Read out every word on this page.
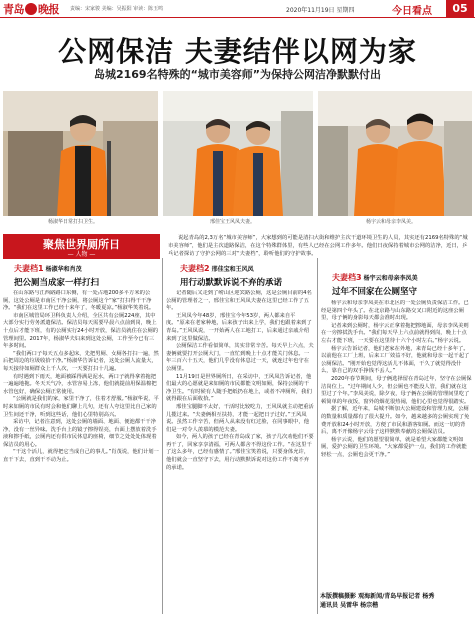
青岛 晚报 责编：宋家骏 美编：吴振阳 审读：陈玉鸣	2020年11月19日 星期四	今日看点	05
公网保洁 夫妻结伴以网为家
岛城2169名特殊的“城市美容师”为保持公网洁净默默付出
杨淑华日常打扫卫生。	邢佳宝王风凤夫妻。	杨宇云和母亲李凤美。
说起青岛的2,3万名“城市美容师”，大家想到的可能是清扫大街和维护主次干道环境卫生的人员，其实还有2169名特殊的“城市美容师”，他们是主次道路保洁，在这个特殊群体里，有些人已经在公网工作多年。他们日夜保持着城市公网的洁净，近日，乒乓记者探访了守护公网的三对“夫妻档”，聆听他们的守护故事。
聚焦世界厕所日
— 人物 —
夫妻档1 杨淑华和肖茂
把公厕当成家一样打扫

在山东路与江西路路口东侧，有一处占地200多平方米的公厕，这处公厕是市南区干净公厕，将公厕这个“家”打扫得干干净净。“我们在这里工作已经十来年了，冬暖夏凉。”杨淑华笑着说。

市南区城管局环卫科负责人介绍，全区共有公厕224座，其中大部分实行劳务派遣保洁。保洁员每天需要早晨六点前到岗，晚上十点后才能下班，有的公厕实行24小时开放，保洁员就住在公厕的管理间里。2017年，杨淑华夫妇来到这处公厕，工作至今已有三年多时间。

“我们两口子每天五点多起床，先把男厕、女厕各打扫一遍，然后把周边的垃圾收拾干净。”杨淑华告诉记者，这处公厕人流量大，每天接待如厕群众上千人次，一天要打扫十几遍。

有时遇到下雨天，地面被踩得满是泥水，两口子就得拿着拖把一遍遍地拖。冬天天气冷，水管容易上冻，他们就提前用保温棉把水管包好，确保公厕正常使用。

“公厕就是我们的家，家里干净了，住着才舒服。”杨淑华说，平时来如厕的市民有时会和他们聊上几句，还有人夸这里比自己家的卫生间还干净，听到这些话，他们心里特别高兴。

采访中，记者注意到，这处公厕的墙面、地面、便池都干干净净，没有一丝异味。洗手台上的镜子擦得锃亮，台面上摆放着洗手液和擦手纸，公厕内还有供市民休息的座椅，细节之处处处体现着保洁员的用心。

“干这个活儿，就得把它当成自己的事儿。”肖茂说，他们计划一直干下去，直到干不动为止。

夫妻档2 邢佳宝和王风凤
用行动默默诉说不弃的承诺

记者随后又走到了崂山区迎宾路公厕，这是公厕目前的4名公厕的管理者之一，邢佳宝和王风凤夫妻在这里已经工作了五年。

王风凤今年48岁，邢佳宝今年53岁，两人都来自平度。“原来在老家种地，后来孩子出来上学，我们也跟着来到了青岛。”王风凤说，一开始两人在工地打工，后来通过亲戚介绍来到了这里做保洁。

公厕保洁工作看似简单，其实非常辛苦。每天早上六点，夫妻俩就要打开公厕大门，一直忙到晚上十点才能关门休息。一年三百六十五天，他们几乎没有休息过一天，就连过年也守在公厕里。

11月19日是世界厕所日，在采访中，王风凤告诉记者，他们最大的心愿就是来如厕的市民都能文明如厕，保持公厕的干净卫生。“有时候有人随手把纸扔在地上，或者不冲厕所，我们就得跟在后面收拾。”

邢佳宝腿脚不太好，干活时比较吃力，王风凤就主动把重活儿揽过来。“夫妻俩相互扶持，才能一起把日子过好。”王风凤说。虽然工作辛苦，但两人从来没有红过脸，在同事眼中，他们是一对令人羡慕的模范夫妻。

如今，两人的孩子已经在青岛成了家，孩子几次劝他们不要再干了，回家享享清福，可两人都舍不得这份工作。“在这里干了这么多年，已经有感情了。”邢佳宝笑着说，只要身体允许，他们就会一直坚守下去，用行动默默诉说对这份工作不离不弃的承诺。

夫妻档3 杨宇云和母亲李凤美
过年不回家在公厕坚守

杨宇云和母亲李凤美在市北区的一处公厕负责保洁工作。已经是第四个年头了。在北京路与山东路交叉口附近的这座公厕里，母子俩的身影每天都会准时出现。

记者来到公厕时，杨宇云正拿着拖把擦地面，母亲李凤美则在一旁擦拭洗手台。“我们每天早上六点前就得到岗，晚上十点左右才能下班，一天要在这里待十六个小时左右。”杨宇云说。

杨宇云告诉记者，他们老家在外地，来青岛已经十多年了。以前他在工厂上班，后来工厂效益不好，他就和母亲一起干起了公厕保洁。“刚开始也觉得这活儿不体面，干久了就觉得没什么，靠自己的双手挣钱不丢人。”

2020年春节期间，母子俩选择留在青岛过年，坚守在公厕保洁岗位上。“过年期间人少，但公厕也不能没人管，我们就在这里过了个年。”李凤美说，除夕夜，母子俩在公厕的管理间里吃了顿简单的年夜饭，窗外的烟花很热闹，他们心里也觉得很踏实。

据了解，近年来，岛城不断加大公厕建设和管理力度，公厕的数量和质量都有了很大提升。如今，越来越多的公厕实现了免费开放和24小时开放，方便了市民和游客如厕。而这一切的背后，离不开像杨宇云母子这样默默奉献的公厕保洁员。

杨宇云说，他们的愿望很简单，就是希望大家都能文明如厕，爱护公厕的卫生环境。“大家都爱护一点，我们的工作就能轻松一点，公厕也会更干净。”

本版撰稿摄影 观海新闻/青岛早报记者 杨秀
通讯员 吴雷华 杨宗楷
